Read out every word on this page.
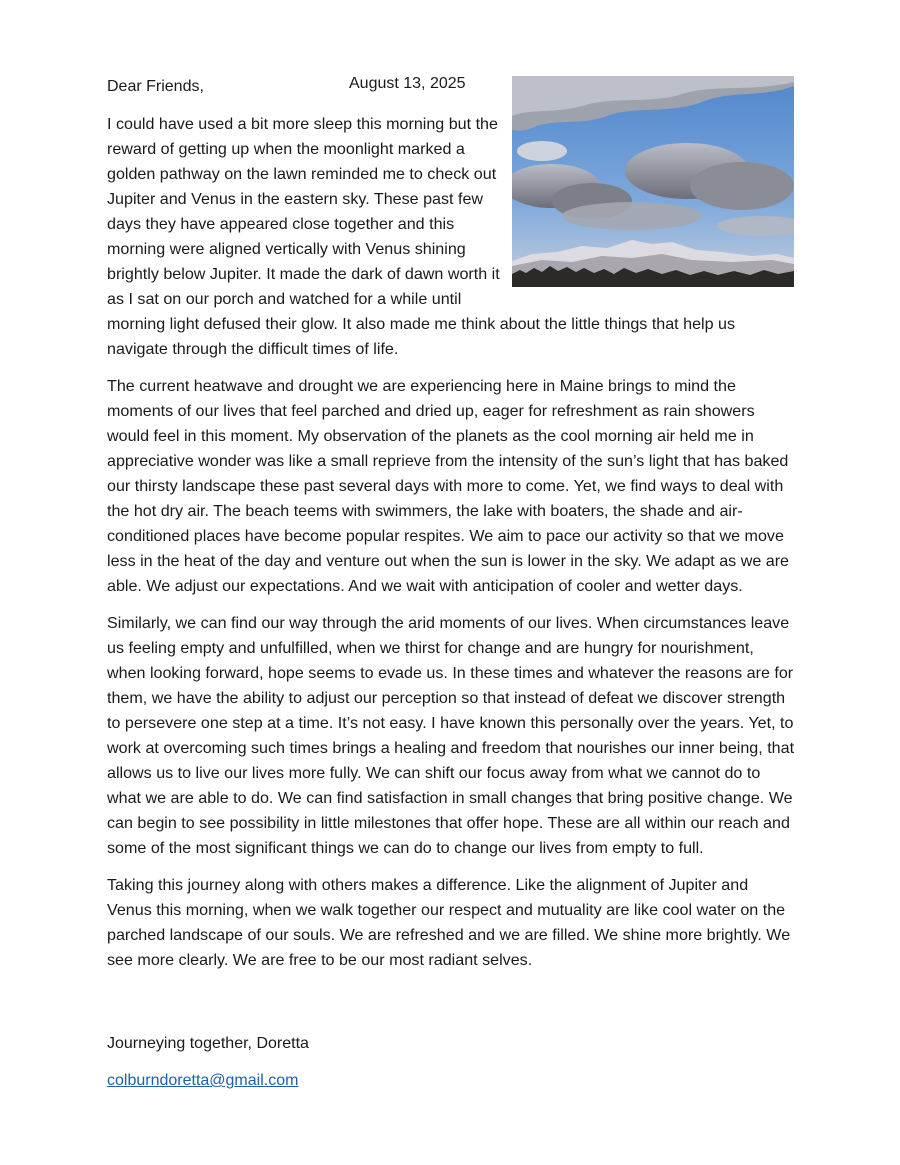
Dear Friends,	August 13, 2025

I could have used a bit more sleep this morning but the reward of getting up when the moonlight marked a golden pathway on the lawn reminded me to check out Jupiter and Venus in the eastern sky. These past few days they have appeared close together and this morning were aligned vertically with Venus shining brightly below Jupiter. It made the dark of dawn worth it as I sat on our porch and watched for a while until morning light defused their glow. It also made me think about the little things that help us navigate through the difficult times of life.

The current heatwave and drought we are experiencing here in Maine brings to mind the moments of our lives that feel parched and dried up, eager for refreshment as rain showers would feel in this moment. My observation of the planets as the cool morning air held me in appreciative wonder was like a small reprieve from the intensity of the sun’s light that has baked our thirsty landscape these past several days with more to come. Yet, we find ways to deal with the hot dry air. The beach teems with swimmers, the lake with boaters, the shade and air-conditioned places have become popular respites. We aim to pace our activity so that we move less in the heat of the day and venture out when the sun is lower in the sky. We adapt as we are able. We adjust our expectations. And we wait with anticipation of cooler and wetter days.

Similarly, we can find our way through the arid moments of our lives. When circumstances leave us feeling empty and unfulfilled, when we thirst for change and are hungry for nourishment, when looking forward, hope seems to evade us. In these times and whatever the reasons are for them, we have the ability to adjust our perception so that instead of defeat we discover strength to persevere one step at a time. It’s not easy. I have known this personally over the years. Yet, to work at overcoming such times brings a healing and freedom that nourishes our inner being, that allows us to live our lives more fully. We can shift our focus away from what we cannot do to what we are able to do. We can find satisfaction in small changes that bring positive change. We can begin to see possibility in little milestones that offer hope. These are all within our reach and some of the most significant things we can do to change our lives from empty to full.

Taking this journey along with others makes a difference. Like the alignment of Jupiter and Venus this morning, when we walk together our respect and mutuality are like cool water on the parched landscape of our souls. We are refreshed and we are filled. We shine more brightly. We see more clearly. We are free to be our most radiant selves.

Journeying together, Doretta
colburndoretta@gmail.com
